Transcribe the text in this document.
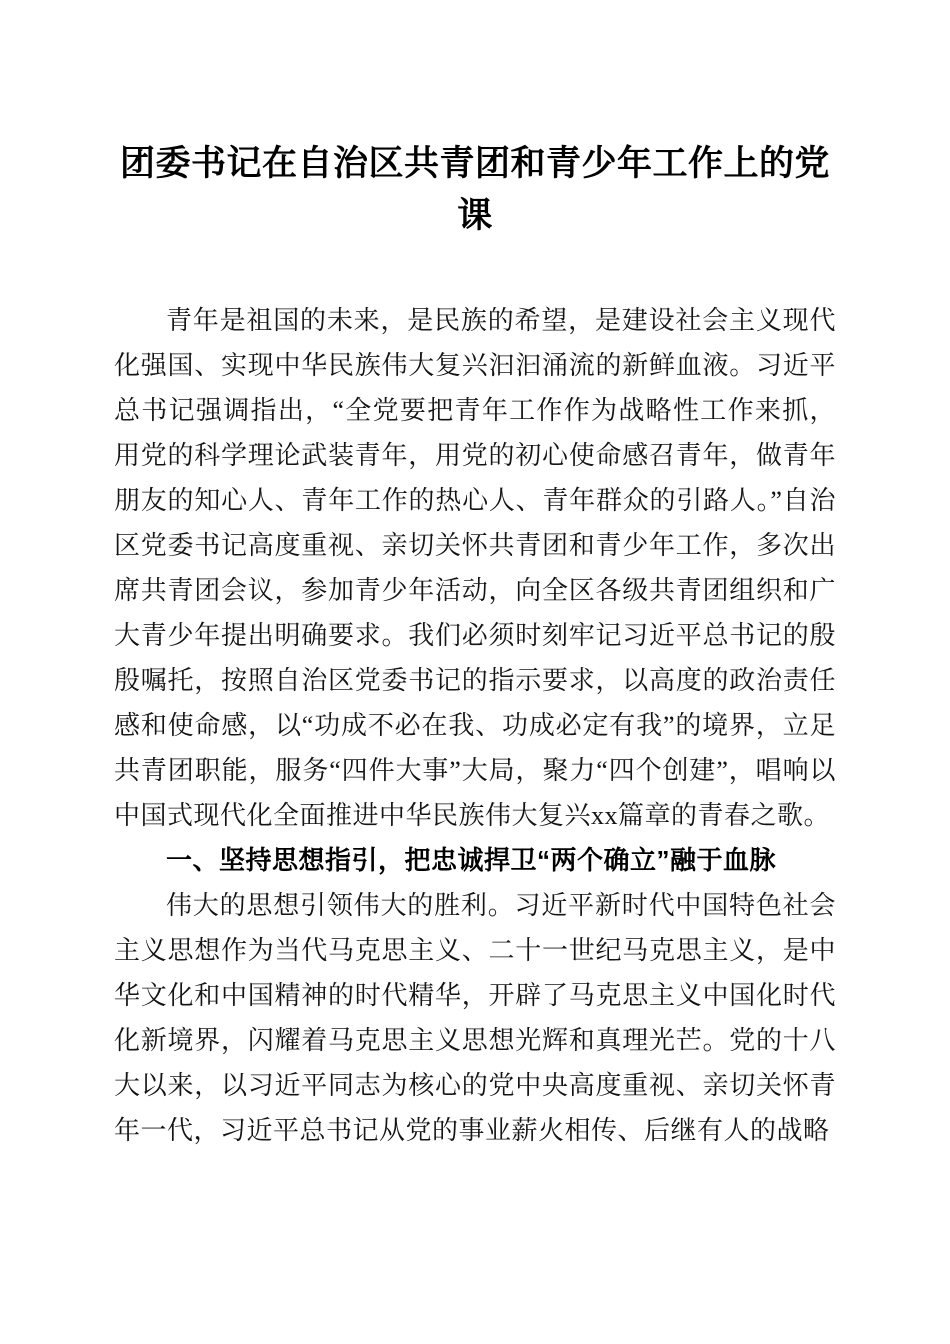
团委书记在自治区共青团和青少年工作上的党课

青年是祖国的未来，是民族的希望，是建设社会主义现代化强国、实现中华民族伟大复兴汩汩涌流的新鲜血液。习近平总书记强调指出，“全党要把青年工作作为战略性工作来抓，用党的科学理论武装青年，用党的初心使命感召青年，做青年朋友的知心人、青年工作的热心人、青年群众的引路人。”自治区党委书记高度重视、亲切关怀共青团和青少年工作，多次出席共青团会议，参加青少年活动，向全区各级共青团组织和广大青少年提出明确要求。我们必须时刻牢记习近平总书记的殷殷嘱托，按照自治区党委书记的指示要求，以高度的政治责任感和使命感，以“功成不必在我、功成必定有我”的境界，立足共青团职能，服务“四件大事”大局，聚力“四个创建”，唱响以中国式现代化全面推进中华民族伟大复兴xx篇章的青春之歌。

一、坚持思想指引，把忠诚捍卫“两个确立”融于血脉

伟大的思想引领伟大的胜利。习近平新时代中国特色社会主义思想作为当代马克思主义、二十一世纪马克思主义，是中华文化和中国精神的时代精华，开辟了马克思主义中国化时代化新境界，闪耀着马克思主义思想光辉和真理光芒。党的十八大以来，以习近平同志为核心的党中央高度重视、亲切关怀青年一代，习近平总书记从党的事业薪火相传、后继有人的战略
